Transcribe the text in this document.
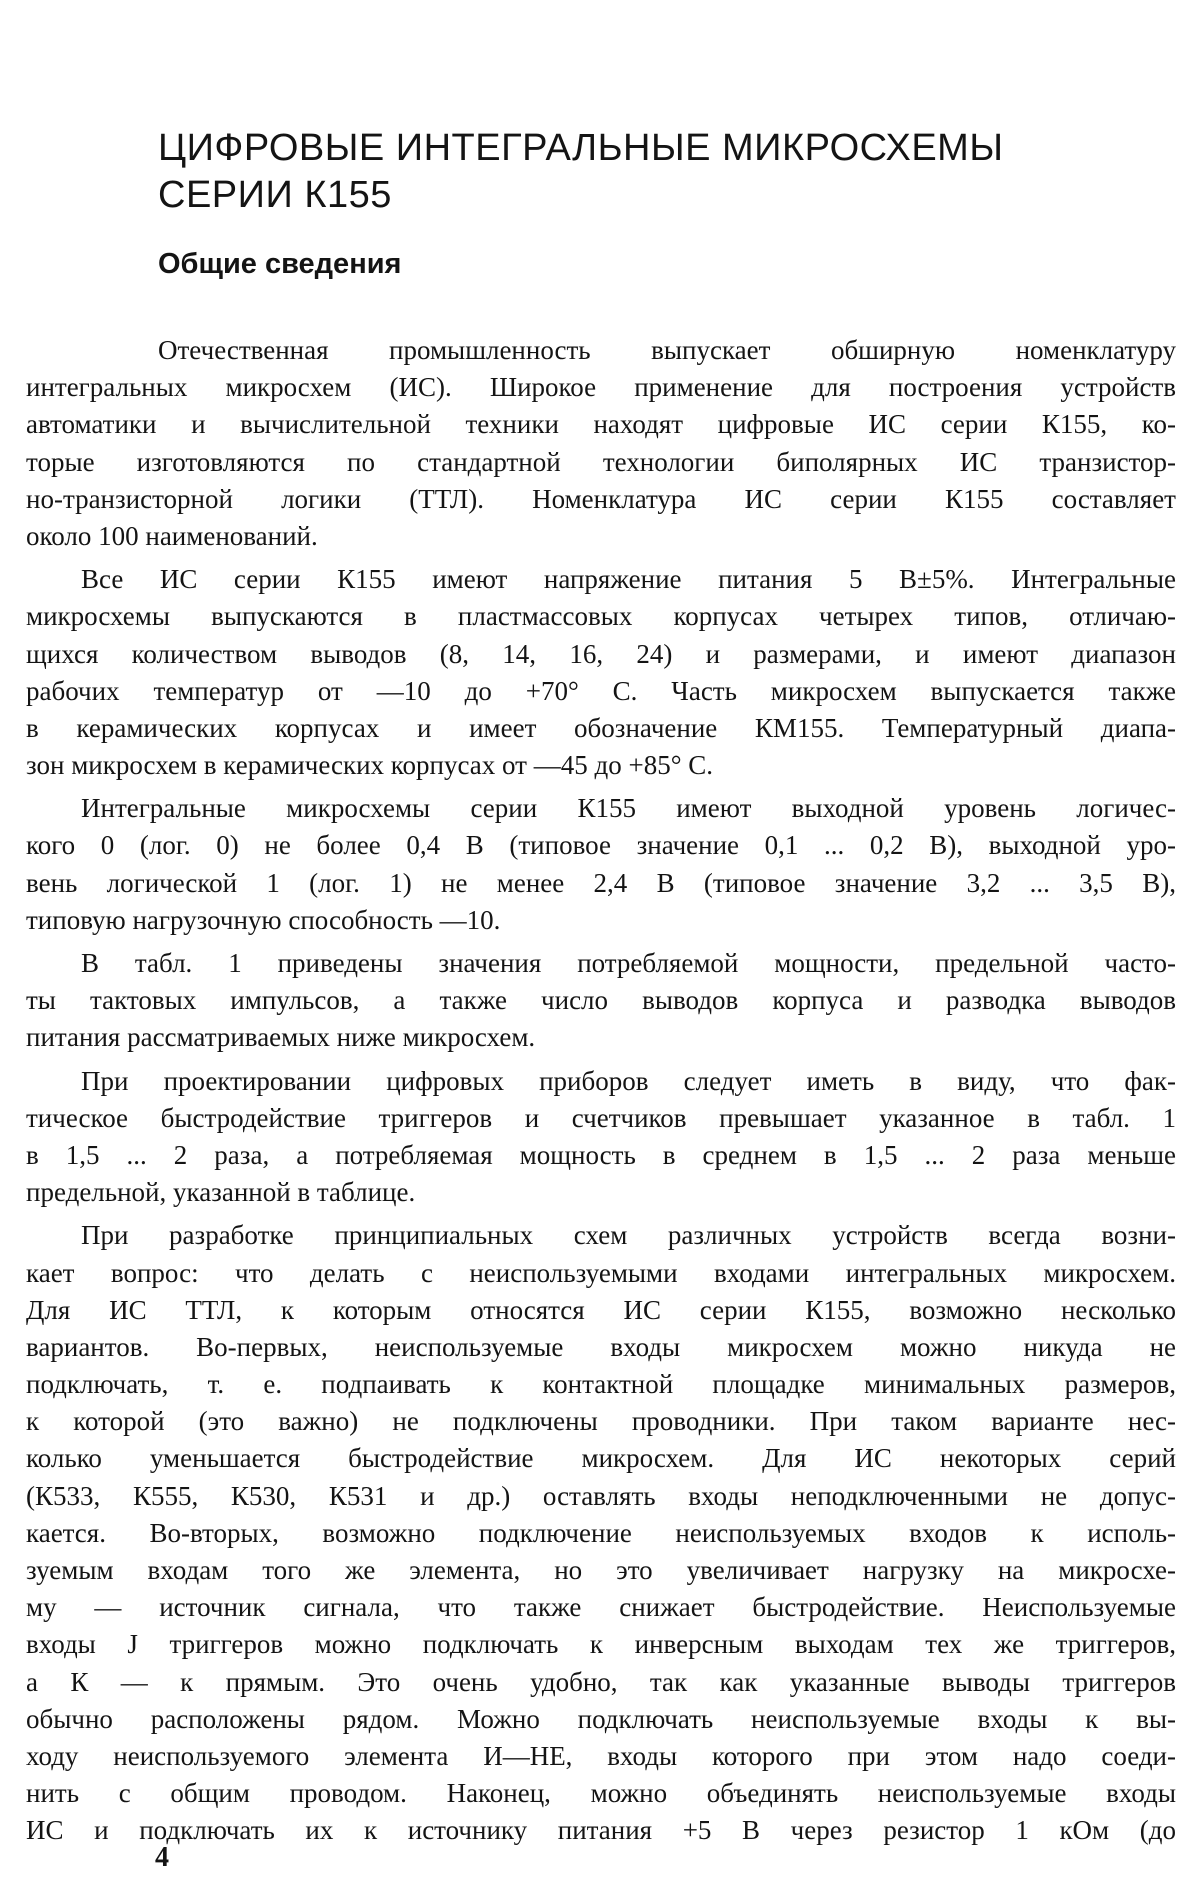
ЦИФРОВЫЕ ИНТЕГРАЛЬНЫЕ МИКРОСХЕМЫ
СЕРИИ К155
Общие сведения
Отечественная промышленность выпускает обширную номенклатуру
интегральных микросхем (ИС). Широкое применение для построения устройств
автоматики и вычислительной техники находят цифровые ИС серии К155, ко-
торые изготовляются по стандартной технологии биполярных ИС транзистор-
но-транзисторной логики (ТТЛ). Номенклатура ИС серии К155 составляет
около 100 наименований.
Все ИС серии К155 имеют напряжение питания 5 В±5%. Интегральные
микросхемы выпускаются в пластмассовых корпусах четырех типов, отличаю-
щихся количеством выводов (8, 14, 16, 24) и размерами, и имеют диапазон
рабочих температур от —10 до +70° С. Часть микросхем выпускается также
в керамических корпусах и имеет обозначение КМ155. Температурный диапа-
зон микросхем в керамических корпусах от —45 до +85° С.
Интегральные микросхемы серии К155 имеют выходной уровень логичес-
кого 0 (лог. 0) не более 0,4 В (типовое значение 0,1 ... 0,2 В), выходной уро-
вень логической 1 (лог. 1) не менее 2,4 В (типовое значение 3,2 ... 3,5 В),
типовую нагрузочную способность —10.
В табл. 1 приведены значения потребляемой мощности, предельной часто-
ты тактовых импульсов, а также число выводов корпуса и разводка выводов
питания рассматриваемых ниже микросхем.
При проектировании цифровых приборов следует иметь в виду, что фак-
тическое быстродействие триггеров и счетчиков превышает указанное в табл. 1
в 1,5 ... 2 раза, а потребляемая мощность в среднем в 1,5 ... 2 раза меньше
предельной, указанной в таблице.
При разработке принципиальных схем различных устройств всегда возни-
кает вопрос: что делать с неиспользуемыми входами интегральных микросхем.
Для ИС ТТЛ, к которым относятся ИС серии К155, возможно несколько
вариантов. Во-первых, неиспользуемые входы микросхем можно никуда не
подключать, т. е. подпаивать к контактной площадке минимальных размеров,
к которой (это важно) не подключены проводники. При таком варианте нес-
колько уменьшается быстродействие микросхем. Для ИС некоторых серий
(К533, К555, К530, К531 и др.) оставлять входы неподключенными не допус-
кается. Во-вторых, возможно подключение неиспользуемых входов к исполь-
зуемым входам того же элемента, но это увеличивает нагрузку на микросхе-
му — источник сигнала, что также снижает быстродействие. Неиспользуемые
входы J триггеров можно подключать к инверсным выходам тех же триггеров,
а К — к прямым. Это очень удобно, так как указанные выводы триггеров
обычно расположены рядом. Можно подключать неиспользуемые входы к вы-
ходу неиспользуемого элемента И—НЕ, входы которого при этом надо соеди-
нить с общим проводом. Наконец, можно объединять неиспользуемые входы
ИС и подключать их к источнику питания +5 В через резистор 1 кОм (до
4
